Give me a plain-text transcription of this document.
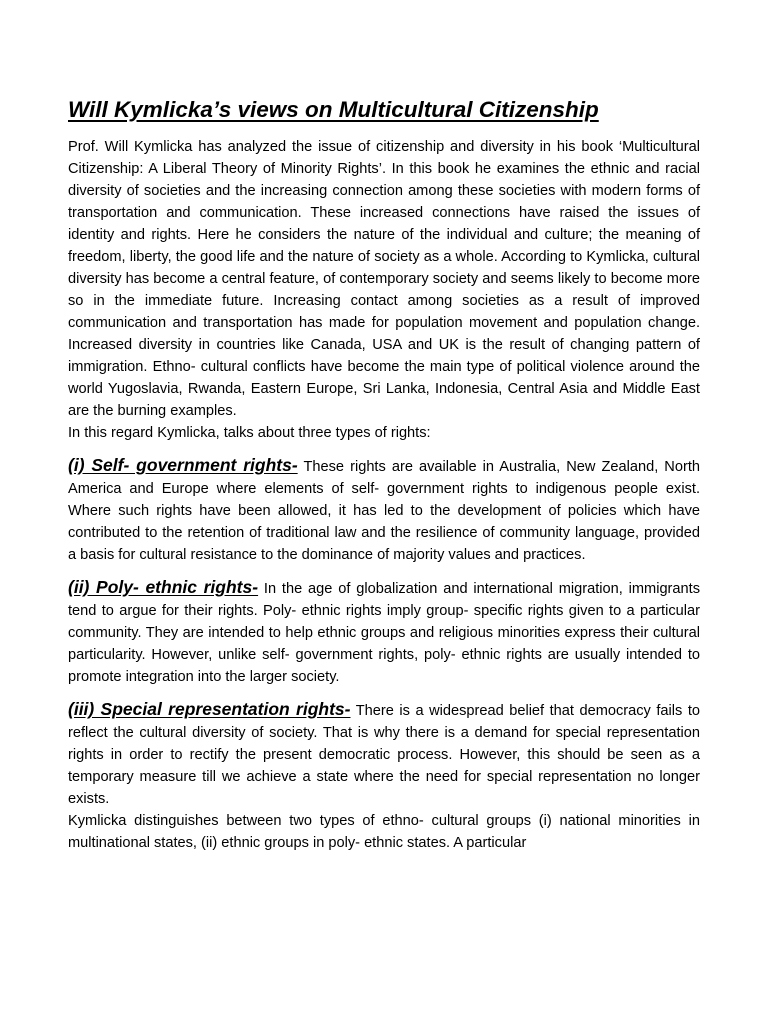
Will Kymlicka’s views on Multicultural Citizenship

Prof. Will Kymlicka has analyzed the issue of citizenship and diversity in his book ‘Multicultural Citizenship: A Liberal Theory of Minority Rights’. In this book he examines the ethnic and racial diversity of societies and the increasing connection among these societies with modern forms of transportation and communication. These increased connections have raised the issues of identity and rights. Here he considers the nature of the individual and culture; the meaning of freedom, liberty, the good life and the nature of society as a whole. According to Kymlicka, cultural diversity has become a central feature, of contemporary society and seems likely to become more so in the immediate future. Increasing contact among societies as a result of improved communication and transportation has made for population movement and population change. Increased diversity in countries like Canada, USA and UK is the result of changing pattern of immigration. Ethno- cultural conflicts have become the main type of political violence around the world Yugoslavia, Rwanda, Eastern Europe, Sri Lanka, Indonesia, Central Asia and Middle East are the burning examples.

In this regard Kymlicka, talks about three types of rights:

(i) Self- government rights- These rights are available in Australia, New Zealand, North America and Europe where elements of self- government rights to indigenous people exist. Where such rights have been allowed, it has led to the development of policies which have contributed to the retention of traditional law and the resilience of community language, provided a basis for cultural resistance to the dominance of majority values and practices.

(ii) Poly- ethnic rights- In the age of globalization and international migration, immigrants tend to argue for their rights. Poly- ethnic rights imply group- specific rights given to a particular community. They are intended to help ethnic groups and religious minorities express their cultural particularity. However, unlike self- government rights, poly- ethnic rights are usually intended to promote integration into the larger society.

(iii) Special representation rights- There is a widespread belief that democracy fails to reflect the cultural diversity of society. That is why there is a demand for special representation rights in order to rectify the present democratic process. However, this should be seen as a temporary measure till we achieve a state where the need for special representation no longer exists.

Kymlicka distinguishes between two types of ethno- cultural groups (i) national minorities in multinational states, (ii) ethnic groups in poly- ethnic states. A particular
